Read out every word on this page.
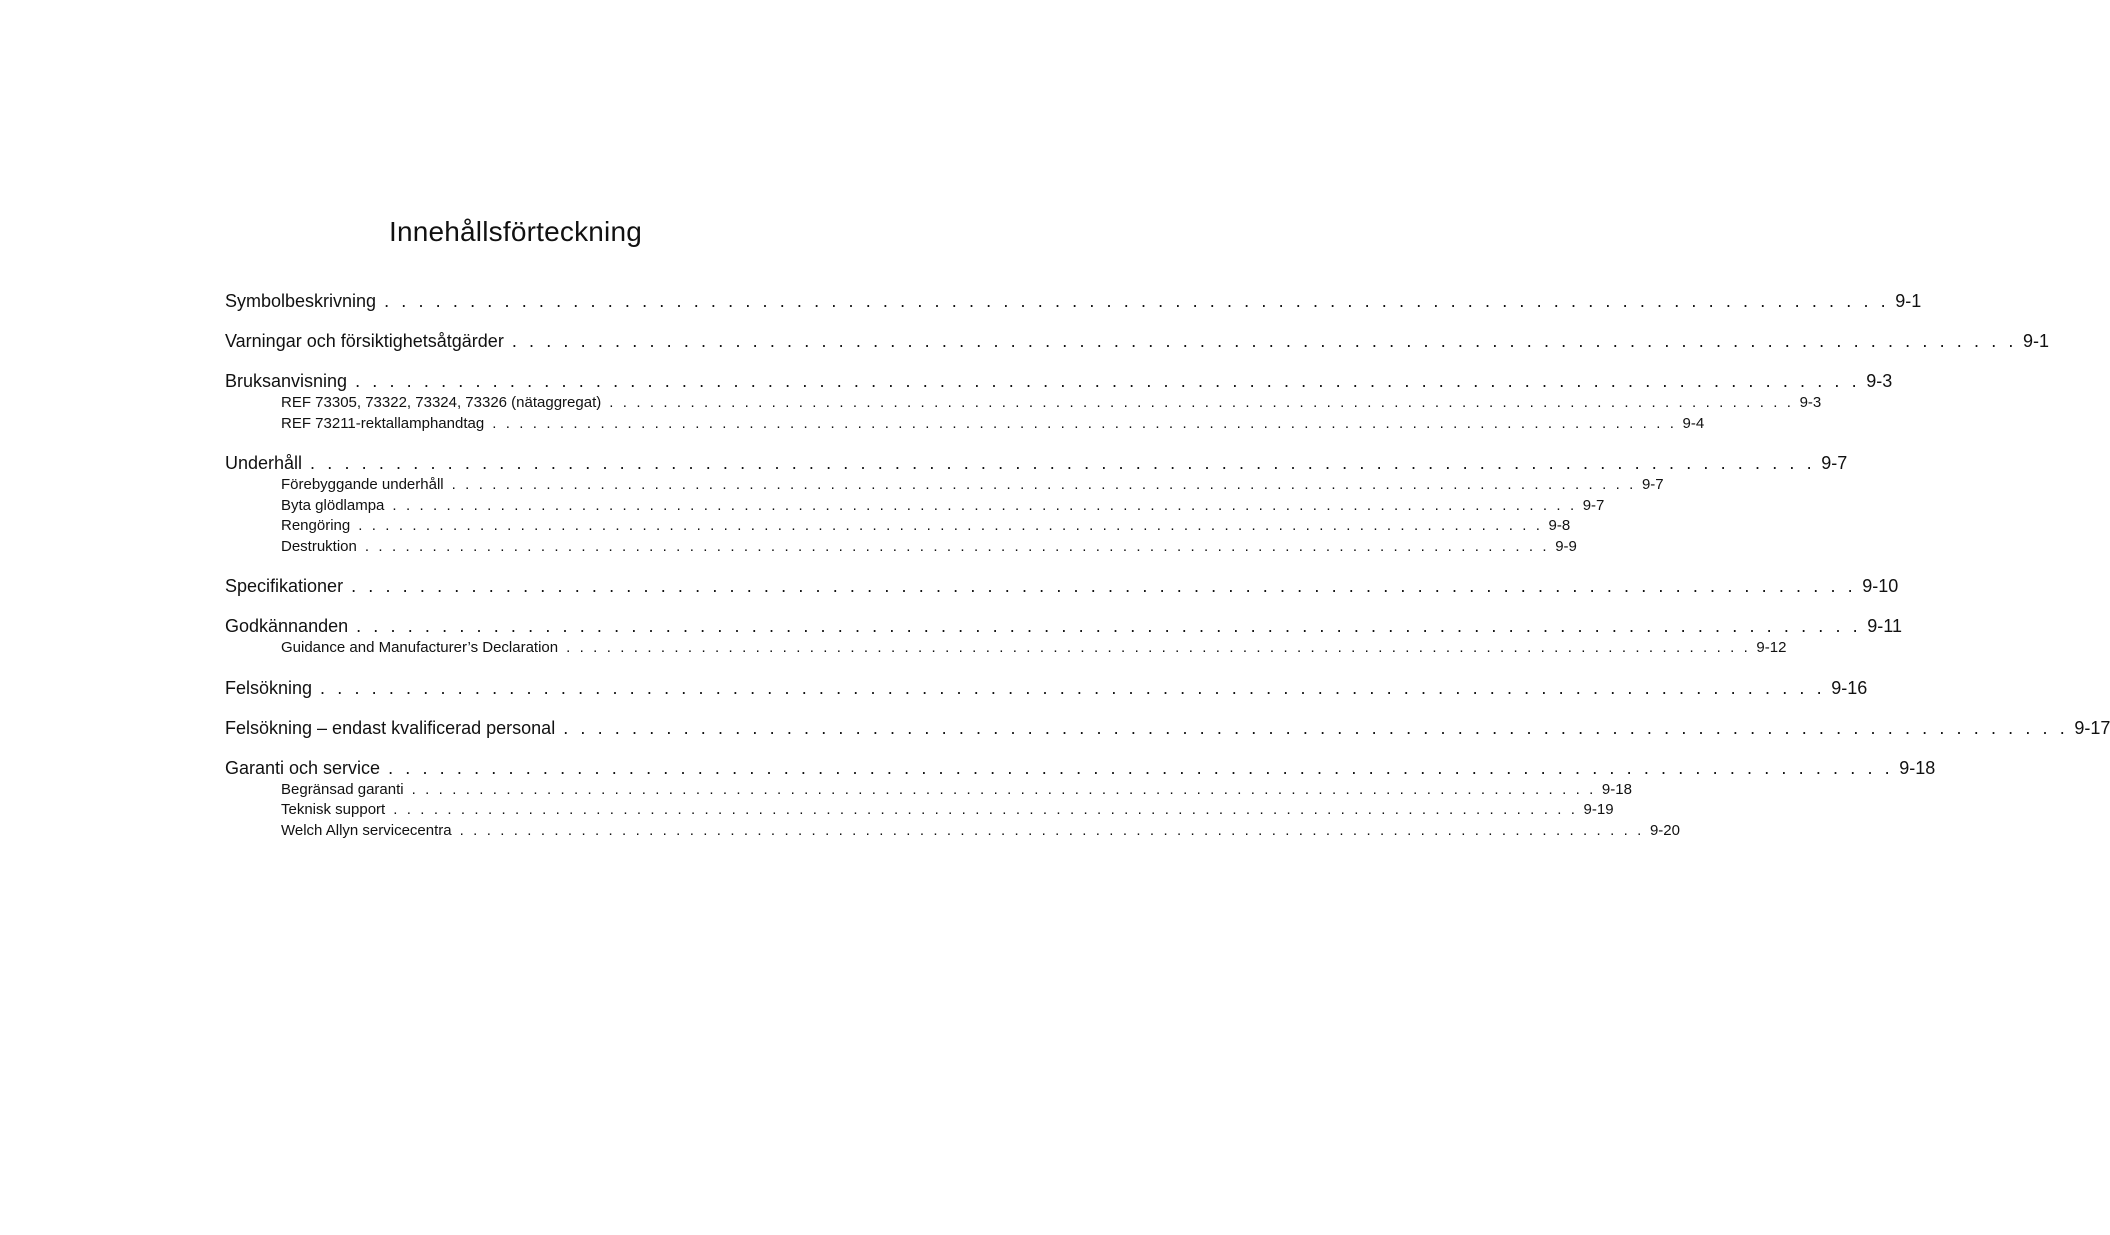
Innehållsförteckning
Symbolbeskrivning . . . . . . . . . . . . . . . . . . . . . . . . . . . . . . . . . . . . . . . . . . . . . . . . . . . . . . . . . . . . . . . . . . . . . . . . . . . . . . . . . . . . . . . . 9-1
Varningar och försiktighetsåtgärder . . . . . . . . . . . . . . . . . . . . . . . . . . . . . . . . . . . . . . . . . . . . . . . . . . . . . . . . . . . . . . . . . . . . . . . . . . . . . . . . . . . . . . . . 9-1
Bruksanvisning . . . . . . . . . . . . . . . . . . . . . . . . . . . . . . . . . . . . . . . . . . . . . . . . . . . . . . . . . . . . . . . . . . . . . . . . . . . . . . . . . . . . . . . . 9-3
REF 73305, 73322, 73324, 73326 (nätaggregat) . . . . . . . . . . . . . . . . . . . . . . . . . . . . . . . . . . . . . . . . . . . . . . . . . . . . . . . . . . . . . . . . . . . . . . . . . . . . . . . . . . . . . . . . 9-3
REF 73211-rektallamphandtag . . . . . . . . . . . . . . . . . . . . . . . . . . . . . . . . . . . . . . . . . . . . . . . . . . . . . . . . . . . . . . . . . . . . . . . . . . . . . . . . . . . . . . . . 9-4
Underhåll . . . . . . . . . . . . . . . . . . . . . . . . . . . . . . . . . . . . . . . . . . . . . . . . . . . . . . . . . . . . . . . . . . . . . . . . . . . . . . . . . . . . . . . . 9-7
Förebyggande underhåll . . . . . . . . . . . . . . . . . . . . . . . . . . . . . . . . . . . . . . . . . . . . . . . . . . . . . . . . . . . . . . . . . . . . . . . . . . . . . . . . . . . . . . . . 9-7
Byta glödlampa . . . . . . . . . . . . . . . . . . . . . . . . . . . . . . . . . . . . . . . . . . . . . . . . . . . . . . . . . . . . . . . . . . . . . . . . . . . . . . . . . . . . . . . . 9-7
Rengöring . . . . . . . . . . . . . . . . . . . . . . . . . . . . . . . . . . . . . . . . . . . . . . . . . . . . . . . . . . . . . . . . . . . . . . . . . . . . . . . . . . . . . . . . 9-8
Destruktion . . . . . . . . . . . . . . . . . . . . . . . . . . . . . . . . . . . . . . . . . . . . . . . . . . . . . . . . . . . . . . . . . . . . . . . . . . . . . . . . . . . . . . . . 9-9
Specifikationer . . . . . . . . . . . . . . . . . . . . . . . . . . . . . . . . . . . . . . . . . . . . . . . . . . . . . . . . . . . . . . . . . . . . . . . . . . . . . . . . . . . . . . . . 9-10
Godkännanden . . . . . . . . . . . . . . . . . . . . . . . . . . . . . . . . . . . . . . . . . . . . . . . . . . . . . . . . . . . . . . . . . . . . . . . . . . . . . . . . . . . . . . . . 9-11
Guidance and Manufacturer’s Declaration . . . . . . . . . . . . . . . . . . . . . . . . . . . . . . . . . . . . . . . . . . . . . . . . . . . . . . . . . . . . . . . . . . . . . . . . . . . . . . . . . . . . . . . . 9-12
Felsökning . . . . . . . . . . . . . . . . . . . . . . . . . . . . . . . . . . . . . . . . . . . . . . . . . . . . . . . . . . . . . . . . . . . . . . . . . . . . . . . . . . . . . . . . 9-16
Felsökning – endast kvalificerad personal . . . . . . . . . . . . . . . . . . . . . . . . . . . . . . . . . . . . . . . . . . . . . . . . . . . . . . . . . . . . . . . . . . . . . . . . . . . . . . . . . . . . . . . . 9-17
Garanti och service . . . . . . . . . . . . . . . . . . . . . . . . . . . . . . . . . . . . . . . . . . . . . . . . . . . . . . . . . . . . . . . . . . . . . . . . . . . . . . . . . . . . . . . . 9-18
Begränsad garanti . . . . . . . . . . . . . . . . . . . . . . . . . . . . . . . . . . . . . . . . . . . . . . . . . . . . . . . . . . . . . . . . . . . . . . . . . . . . . . . . . . . . . . . . 9-18
Teknisk support . . . . . . . . . . . . . . . . . . . . . . . . . . . . . . . . . . . . . . . . . . . . . . . . . . . . . . . . . . . . . . . . . . . . . . . . . . . . . . . . . . . . . . . . 9-19
Welch Allyn servicecentra . . . . . . . . . . . . . . . . . . . . . . . . . . . . . . . . . . . . . . . . . . . . . . . . . . . . . . . . . . . . . . . . . . . . . . . . . . . . . . . . . . . . . . . . 9-20
